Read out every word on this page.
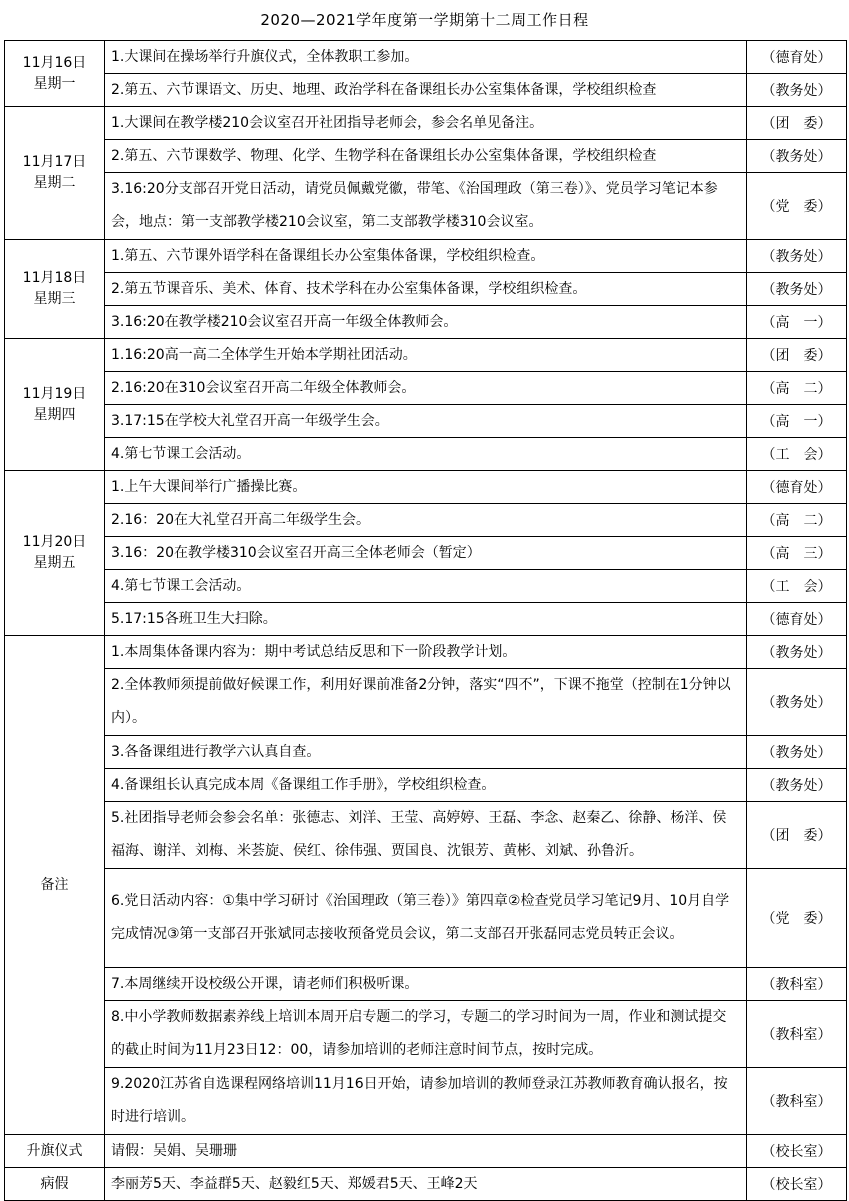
2020—2021学年度第一学期第十二周工作日程
11月16日
星期一	1.大课间在操场举行升旗仪式，全体教职工参加。	（德育处）
	2.第五、六节课语文、历史、地理、政治学科在备课组长办公室集体备课，学校组织检查	（教务处）

11月17日
星期二	1.大课间在教学楼210会议室召开社团指导老师会，参会名单见备注。	（团　委）
	2.第五、六节课数学、物理、化学、生物学科在备课组长办公室集体备课，学校组织检查	（教务处）
	3.16:20分支部召开党日活动，请党员佩戴党徽，带笔、《治国理政（第三卷）》、党员学习笔记本参会，地点：第一支部教学楼210会议室，第二支部教学楼310会议室。	（党　委）

11月18日
星期三	1.第五、六节课外语学科在备课组长办公室集体备课，学校组织检查。	（教务处）
	2.第五节课音乐、美术、体育、技术学科在办公室集体备课，学校组织检查。	（教务处）
	3.16:20在教学楼210会议室召开高一年级全体教师会。	（高　一）

11月19日
星期四	1.16:20高一高二全体学生开始本学期社团活动。	（团　委）
	2.16:20在310会议室召开高二年级全体教师会。	（高　二）
	3.17:15在学校大礼堂召开高一年级学生会。	（高　一）
	4.第七节课工会活动。	（工　会）

11月20日
星期五	1.上午大课间举行广播操比赛。	（德育处）
	2.16：20在大礼堂召开高二年级学生会。	（高　二）
	3.16：20在教学楼310会议室召开高三全体老师会（暂定）	（高　三）
	4.第七节课工会活动。	（工　会）
	5.17:15各班卫生大扫除。	（德育处）

备注	1.本周集体备课内容为：期中考试总结反思和下一阶段教学计划。	（教务处）
	2.全体教师须提前做好候课工作，利用好课前准备2分钟，落实“四不”，下课不拖堂（控制在1分钟以内）。	（教务处）
	3.各备课组进行教学六认真自查。	（教务处）
	4.备课组长认真完成本周《备课组工作手册》，学校组织检查。	（教务处）
	5.社团指导老师会参会名单：张德志、刘洋、王莹、高婷婷、王磊、李念、赵秦乙、徐静、杨洋、侯福海、谢洋、刘梅、米荟旋、侯红、徐伟强、贾国良、沈银芳、黄彬、刘斌、孙鲁沂。	（团　委）
	6.党日活动内容：①集中学习研讨《治国理政（第三卷）》第四章②检查党员学习笔记9月、10月自学完成情况③第一支部召开张斌同志接收预备党员会议，第二支部召开张磊同志党员转正会议。	（党　委）
	7.本周继续开设校级公开课，请老师们积极听课。	（教科室）
	8.中小学教师数据素养线上培训本周开启专题二的学习，专题二的学习时间为一周，作业和测试提交的截止时间为11月23日12：00，请参加培训的老师注意时间节点，按时完成。	（教科室）
	9.2020江苏省自选课程网络培训11月16日开始，请参加培训的教师登录江苏教师教育确认报名，按时进行培训。	（教科室）
升旗仪式	请假：吴娟、吴珊珊	（校长室）
病假	李丽芳5天、李益群5天、赵毅红5天、郑媛君5天、王峰2天	（校长室）
